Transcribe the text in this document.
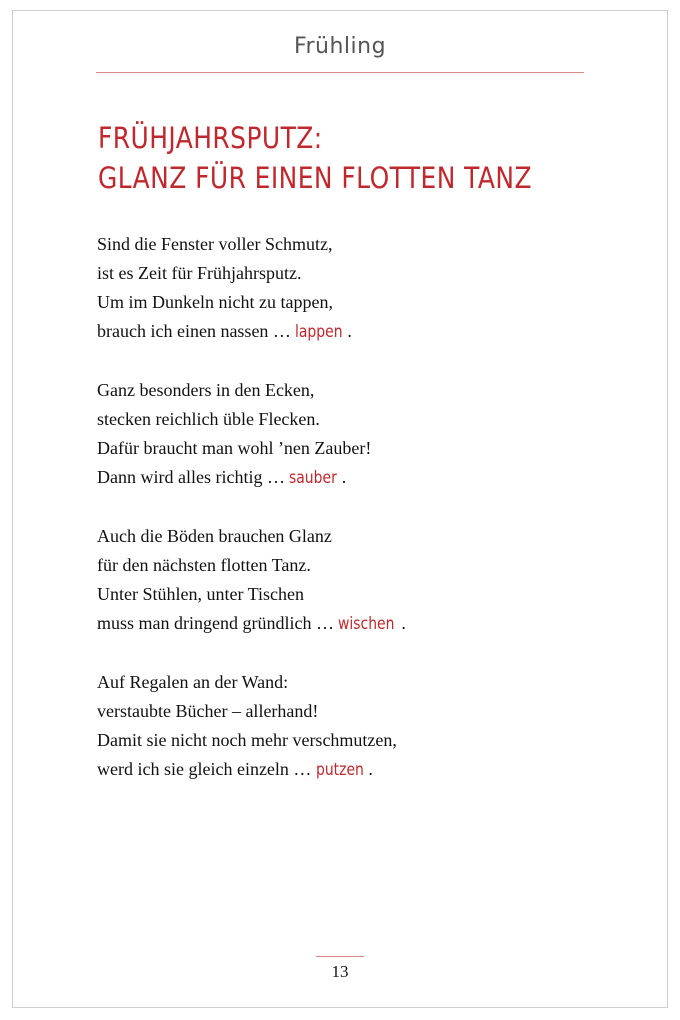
Frühling
FRÜHJAHRSPUTZ:
GLANZ FÜR EINEN FLOTTEN TANZ
Sind die Fenster voller Schmutz,
ist es Zeit für Frühjahrsputz.
Um im Dunkeln nicht zu tappen,
brauch ich einen nassen … lappen .
Ganz besonders in den Ecken,
stecken reichlich üble Flecken.
Dafür braucht man wohl ’nen Zauber!
Dann wird alles richtig … sauber .
Auch die Böden brauchen Glanz
für den nächsten flotten Tanz.
Unter Stühlen, unter Tischen
muss man dringend gründlich … wischen .
Auf Regalen an der Wand:
verstaubte Bücher – allerhand!
Damit sie nicht noch mehr verschmutzen,
werd ich sie gleich einzeln … putzen .
13
